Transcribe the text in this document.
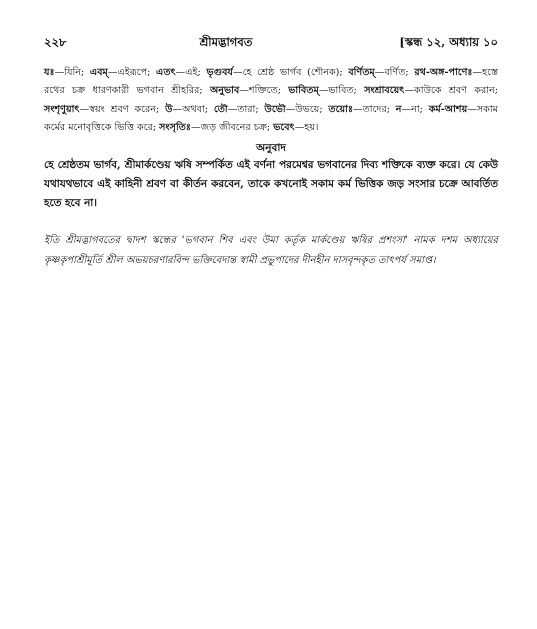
২২৮	শ্রীমদ্ভাগবত	[স্কন্ধ ১২, অধ্যায় ১০
যঃ—যিনি; এবম্—এইরূপে; এতৎ—এই; ভৃগুবর্য—হে শ্রেষ্ঠ ভার্গব (শৌনক); বর্ণিতম্—বর্ণিত; রথ-অঙ্গ-পাণেঃ—হস্তে রথের চক্র ধারণকারী ভগবান শ্রীহরির; অনুভাব—শক্তিতে; ভাবিতম্—ভাবিত; সংশ্রাবয়েৎ—কাউকে শ্রবণ করান; সংশৃণুয়াৎ—স্বয়ং শ্রবণ করেন; উ—অথবা; তৌ—তারা; উভৌ—উভয়ে; তয়োঃ—তাদের; ন—না; কর্ম-আশয়—সকাম কর্মের মনোবৃত্তিকে ভিত্তি করে; সংসৃতিঃ—জড় জীবনের চক্র; ভবেৎ—হয়।
অনুবাদ
হে শ্রেষ্ঠতম ভার্গব, শ্রীমার্কণ্ডেয় ঋষি সম্পর্কিত এই বর্ণনা পরমেশ্বর ভগবানের দিব্য শক্তিকে ব্যক্ত করে। যে কেউ যথাযথভাবে এই কাহিনী শ্রবণ বা কীর্তন করবেন, তাকে কখনোই সকাম কর্ম ভিত্তিক জড় সংসার চক্রে আবর্তিত হতে হবে না।
ইতি শ্রীমদ্ভাগবতের দ্বাদশ স্কন্ধের 'ভগবান শিব এবং উমা কর্তৃক মার্কণ্ডেয় ঋষির প্রশংসা' নামক দশম অধ্যায়ের কৃষ্ণকৃপাশ্রীমূর্তি শ্রীল অভয়চরণারবিন্দ ভক্তিবেদান্ত স্বামী প্রভুপাদের দীনহীন দাসবৃন্দকৃত তাৎপর্য সমাপ্ত।
